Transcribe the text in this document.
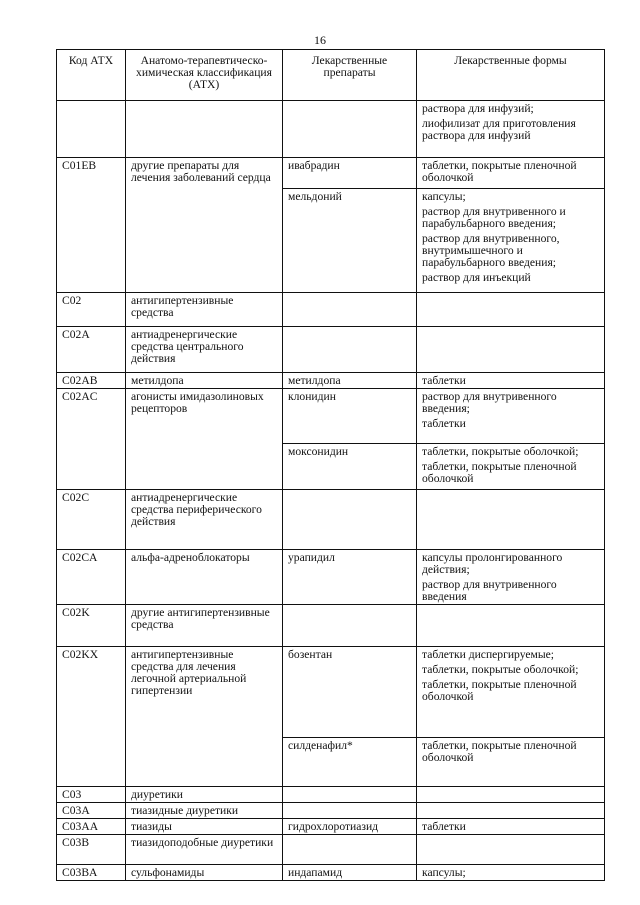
16
Код АТХ	Анатомо-терапевтическо-химическая классификация (АТХ)	Лекарственные препараты	Лекарственные формы

			раствора для инфузий;
лиофилизат для приготовления раствора для инфузий

C01EB	другие препараты для лечения заболеваний сердца	ивабрадин	таблетки, покрытые пленочной оболочкой

		мельдоний	капсулы;
раствор для внутривенного и парабульбарного введения;
раствор для внутривенного, внутримышечного и парабульбарного введения;
раствор для инъекций

C02	антигипертензивные средства		
C02A	антиадренергические средства центрального действия		
C02AB	метилдопа	метилдопа	таблетки

C02AC	агонисты имидазолиновых рецепторов	клонидин	раствор для внутривенного введения;
таблетки

		моксонидин	таблетки, покрытые оболочкой;
таблетки, покрытые пленочной оболочкой

C02C	антиадренергические средства периферического действия		
C02CA	альфа-адреноблокаторы	урапидил	капсулы пролонгированного действия;
раствор для внутривенного введения

C02K	другие антигипертензивные средства		
C02KX	антигипертензивные средства для лечения легочной артериальной гипертензии	бозентан	таблетки диспергируемые;
таблетки, покрытые оболочкой;
таблетки, покрытые пленочной оболочкой

		силденафил*	таблетки, покрытые пленочной оболочкой

C03	диуретики		
C03A	тиазидные диуретики		
C03AA	тиазиды	гидрохлоротиазид	таблетки

C03B	тиазидоподобные диуретики		
C03BA	сульфонамиды	индапамид	капсулы;
